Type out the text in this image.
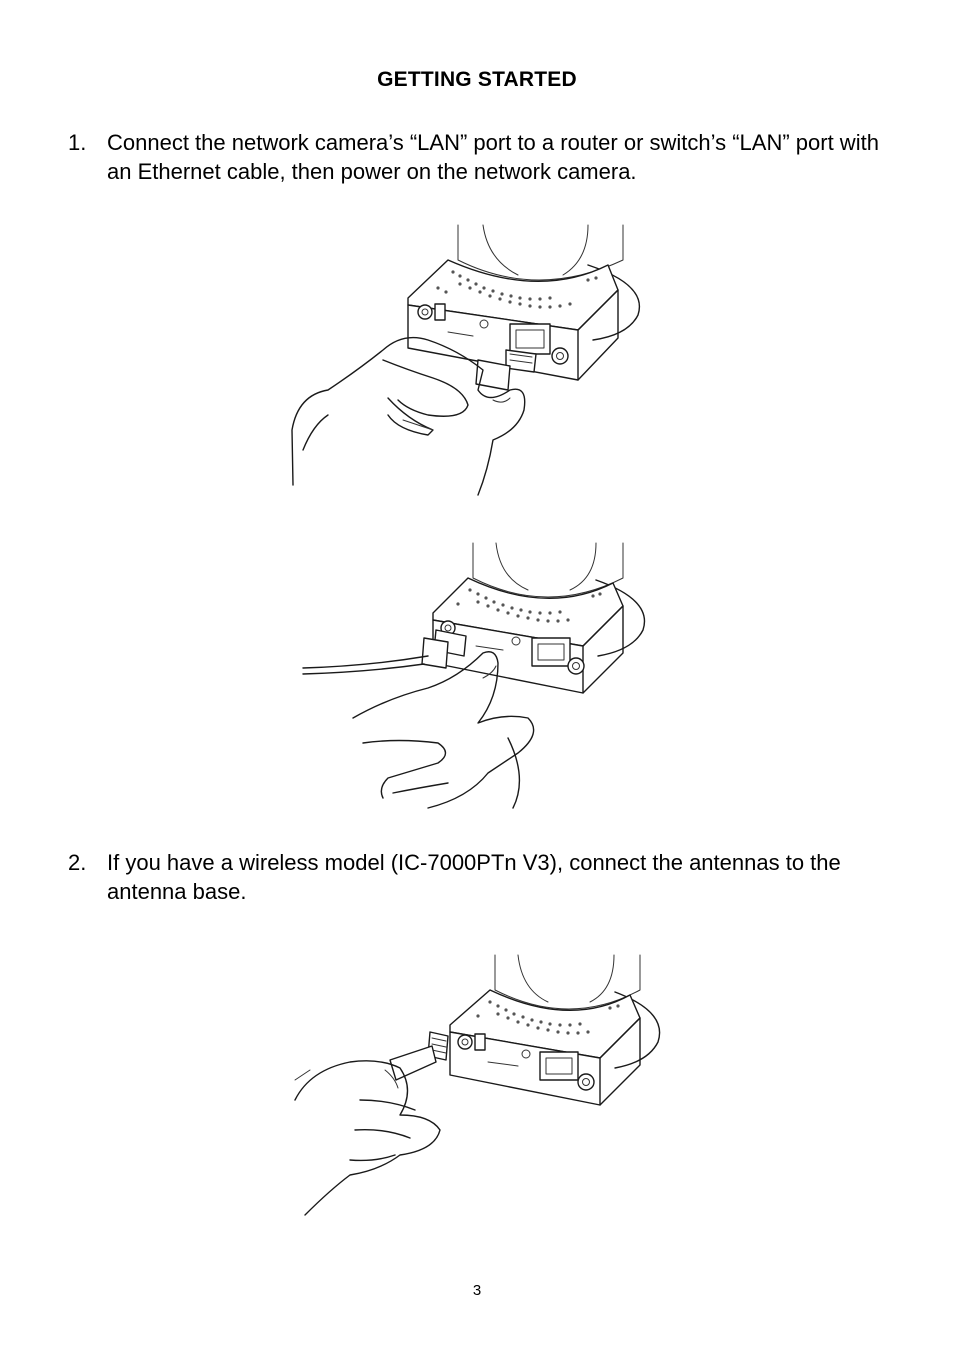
GETTING STARTED
1. Connect the network camera’s “LAN” port to a router or switch’s “LAN” port with an Ethernet cable, then power on the network camera.
2. If you have a wireless model (IC-7000PTn V3), connect the antennas to the antenna base.
3
